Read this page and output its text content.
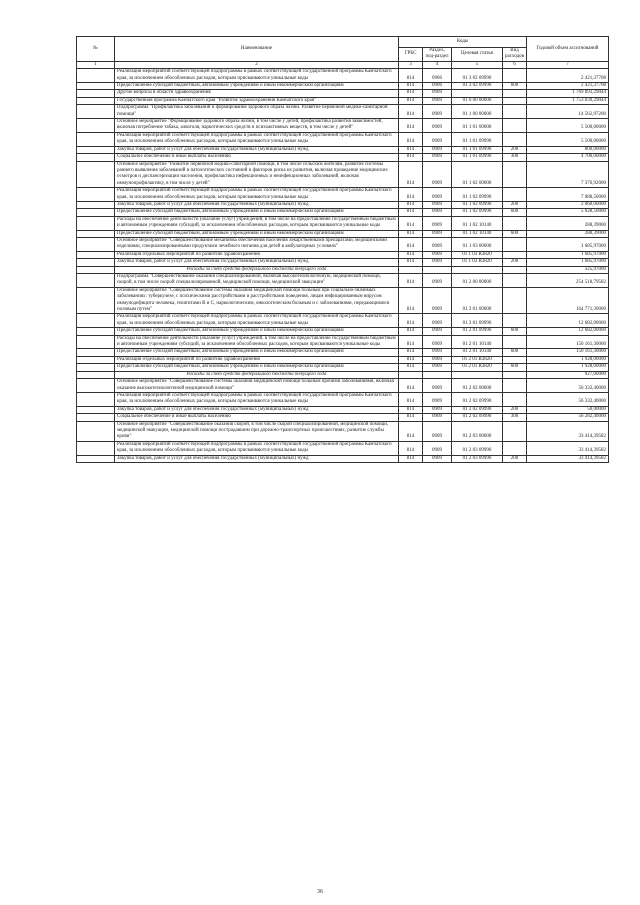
№	Наименование	Коды				Годовой объем ассигнований
		ГРБС	Раздел, под-раздел	Целевая статья	Вид расходов	
1	2	3	4	5	6	7
	Реализация мероприятий соответствующей подпрограммы в рамках соответствующей государственной программы Камчатского края, за исключением обособленных расходов, которым присваиваются уникальные коды	814	0906	01 3 02 09990		2 421,37708
	Предоставление субсидий бюджетным, автономным учреждениям и иным некоммерческим организациям	814	0906	01 3 02 09990	600	2 421,37708
	Другие вопросы в области здравоохранения	814	0909			1 769 893,29044
	Государственная программа Камчатского края "Развитие здравоохранения Камчатского края"	814	0909	01 0 00 00000		1 753 039,29044
	Подпрограмма "Профилактика заболеваний и формирование здорового образа жизни. Развитие первичной медико-санитарной помощи"	814	0909	01 1 00 00000		14 562,97200
	Основное мероприятие "Формирование здорового образа жизни, в том числе у детей, профилактика развития зависимостей, включая потребление табака, алкоголя, наркотических средств и психоактивных веществ, в том числе у детей"	814	0909	01 1 01 00000		5 500,00000
	Реализация мероприятий соответствующей подпрограммы в рамках соответствующей государственной программы Камчатского края, за исключением обособленных расходов, которым присваиваются уникальные коды	814	0909	01 1 01 09990		5 500,00000
	Закупка товаров, работ и услуг для обеспечения государственных (муниципальных) нужд	814	0909	01 1 01 09990	200	800,00000
	Социальное обеспечение и иные выплаты населению	814	0909	01 1 01 09990	300	4 700,00000
	Основное мероприятие "Развитие первичной медико-санитарной помощи, в том числе сельским жителям, развитие системы раннего выявления заболеваний и патологических состояний и факторов риска их развития, включая проведение медицинских осмотров и диспансеризации населения, профилактика инфекционных и неинфекционных заболеваний, включая иммунопрофилактику, в том числе у детей"	814	0909	01 1 02 00000		7 376,92000
	Реализация мероприятий соответствующей подпрограммы в рамках соответствующей государственной программы Камчатского края, за исключением обособленных расходов, которым присваиваются уникальные коды	814	0909	01 1 02 09990		7 088,50000
	Закупка товаров, работ и услуг для обеспечения государственных (муниципальных) нужд	814	0909	01 1 02 09990	200	2 060,00000
	Предоставление субсидий бюджетным, автономным учреждениям и иным некоммерческим организациям	814	0909	01 1 02 09990	600	5 028,50000
	Расходы на обеспечение деятельности (оказание услуг) учреждений, в том числе на предоставление государственным бюджетным и автономным учреждениям субсидий, за исключением обособленных расходов, которым присваиваются уникальные коды	814	0909	01 1 02 10140		288,39000
	Предоставление субсидий бюджетным, автономным учреждениям и иным некоммерческим организациям	814	0909	01 1 02 10140	600	288,39000
	Основное мероприятие "Совершенствование механизма обеспечения населения лекарственными препаратами, медицинскими изделиями, специализированными продуктами лечебного питания для детей в амбулаторных условиях"	814	0909	01 1 03 00000		1 685,97000
	Реализация отдельных мероприятий по развитию здравоохранения	814	0909	01 1 03 R3820		1 685,97000
	Закупка товаров, работ и услуг для обеспечения государственных (муниципальных) нужд	814	0909	01 1 03 R3820	200	1 685,97000
	Расходы за счет средств федерального бюджета текущего года					325,97000
	Подпрограмма "Совершенствование оказания специализированной, включая высокотехнологичную, медицинской помощи, скорой, в том числе скорой специализированной, медицинской помощи, медицинской эвакуации"	814	0909	01 2 00 00000		254 518,79582
	Основное мероприятие "Совершенствование системы оказания медицинской помощи больным при социально-значимых заболеваниях: туберкулезе, с психическими расстройствами и расстройствами поведения, лицам инфицированным вирусом иммунодефицита человека, гепатитами B и C, наркологическим, онкологическим больным и с заболеваниями, передающимися половым путем"	814	0909	01 2 01 00000		164 771,30000
	Реализация мероприятий соответствующей подпрограммы в рамках соответствующей государственной программы Камчатского края, за исключением обособленных расходов, которым присваиваются уникальные коды	814	0909	01 2 01 09990		12 682,00000
	Предоставление субсидий бюджетным, автономным учреждениям и иным некоммерческим организациям	814	0909	01 2 01 09990	600	12 682,00000
	Расходы на обеспечение деятельности (оказание услуг) учреждений, в том числе на предоставление государственным бюджетным и автономным учреждениям субсидий, за исключением обособленных расходов, которым присваиваются уникальные коды	814	0909	01 2 01 10140		150 161,30000
	Предоставление субсидий бюджетным, автономным учреждениям и иным некоммерческим организациям	814	0909	01 2 01 10140	600	150 161,30000
	Реализация отдельных мероприятий по развитию здравоохранения	814	0909	01 2 01 R3820		1 928,00000
	Предоставление субсидий бюджетным, автономным учреждениям и иным некоммерческим организациям	814	0909	01 2 01 R3820	600	1 928,00000
	Расходы за счет средств федерального бюджета текущего года					927,00000
	Основное мероприятие "Совершенствование системы оказания медицинской помощи больным прочими заболеваниями, включая оказание высокотехнологичной медицинской помощи"	814	0909	01 2 02 00000		56 332,40000
	Реализация мероприятий соответствующей подпрограммы в рамках соответствующей государственной программы Камчатского края, за исключением обособленных расходов, которым присваиваются уникальные коды	814	0909	01 2 02 09990		56 332,40000
	Закупка товаров, работ и услуг для обеспечения государственных (муниципальных) нужд	814	0909	01 2 02 09990	200	50,00000
	Социальное обеспечение и иные выплаты населению	814	0909	01 2 02 09990	300	56 282,40000
	Основное мероприятие "Совершенствование оказания скорой, в том числе скорой специализированной, медицинской помощи, медицинской эвакуации, медицинской помощи пострадавшим при дорожно-транспортных происшествиях, развитие службы крови"	814	0909	01 2 03 00000		33 414,39582
	Реализация мероприятий соответствующей подпрограммы в рамках соответствующей государственной программы Камчатского края, за исключением обособленных расходов, которым присваиваются уникальные коды	814	0909	01 2 03 09990		33 414,39582
	Закупка товаров, работ и услуг для обеспечения государственных (муниципальных) нужд	814	0909	01 2 03 09990	200	33 414,39582
36
